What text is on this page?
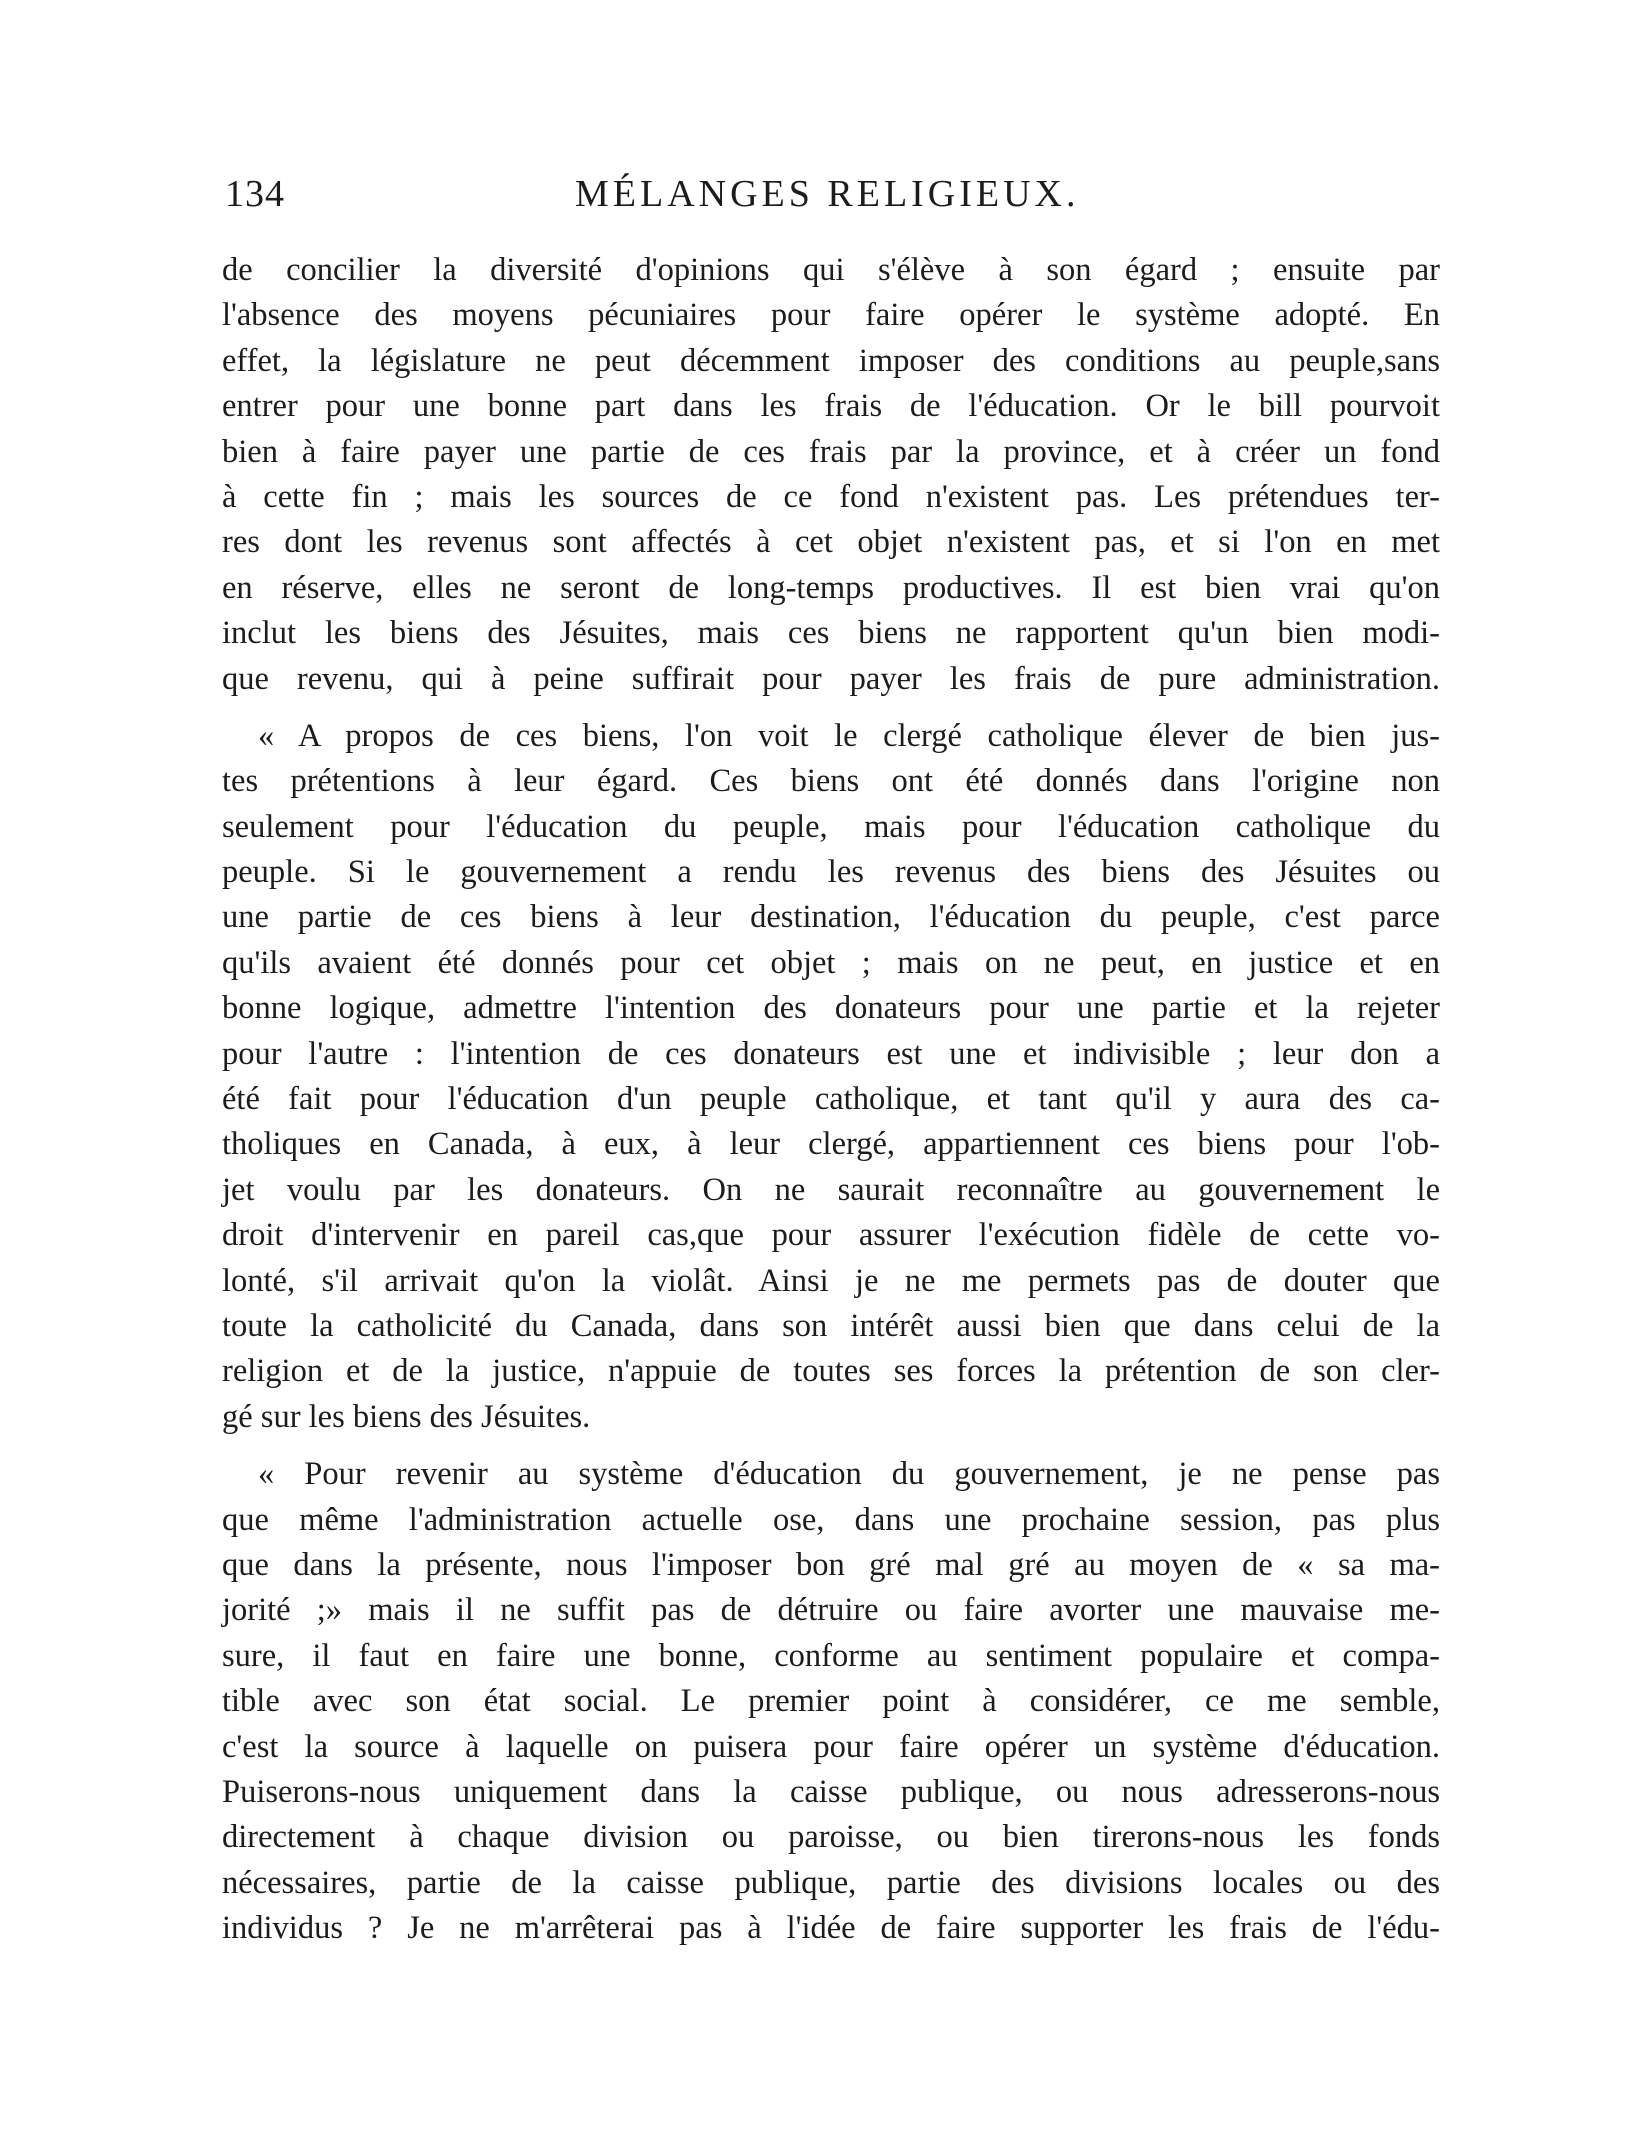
134	MÉLANGES RELIGIEUX.
de concilier la diversité d'opinions qui s'élève à son égard ; ensuite par
l'absence des moyens pécuniaires pour faire opérer le système adopté. En
effet, la législature ne peut décemment imposer des conditions au peuple,sans
entrer pour une bonne part dans les frais de l'éducation. Or le bill pourvoit
bien à faire payer une partie de ces frais par la province, et à créer un fond
à cette fin ; mais les sources de ce fond n'existent pas. Les prétendues ter-
res dont les revenus sont affectés à cet objet n'existent pas, et si l'on en met
en réserve, elles ne seront de long-temps productives. Il est bien vrai qu'on
inclut les biens des Jésuites, mais ces biens ne rapportent qu'un bien modi-
que revenu, qui à peine suffirait pour payer les frais de pure administration.
« A propos de ces biens, l'on voit le clergé catholique élever de bien jus-
tes prétentions à leur égard. Ces biens ont été donnés dans l'origine non
seulement pour l'éducation du peuple, mais pour l'éducation catholique du
peuple. Si le gouvernement a rendu les revenus des biens des Jésuites ou
une partie de ces biens à leur destination, l'éducation du peuple, c'est parce
qu'ils avaient été donnés pour cet objet ; mais on ne peut, en justice et en
bonne logique, admettre l'intention des donateurs pour une partie et la rejeter
pour l'autre : l'intention de ces donateurs est une et indivisible ; leur don a
été fait pour l'éducation d'un peuple catholique, et tant qu'il y aura des ca-
tholiques en Canada, à eux, à leur clergé, appartiennent ces biens pour l'ob-
jet voulu par les donateurs. On ne saurait reconnaître au gouvernement le
droit d'intervenir en pareil cas,que pour assurer l'exécution fidèle de cette vo-
lonté, s'il arrivait qu'on la violât. Ainsi je ne me permets pas de douter que
toute la catholicité du Canada, dans son intérêt aussi bien que dans celui de la
religion et de la justice, n'appuie de toutes ses forces la prétention de son cler-
gé sur les biens des Jésuites.
« Pour revenir au système d'éducation du gouvernement, je ne pense pas
que même l'administration actuelle ose, dans une prochaine session, pas plus
que dans la présente, nous l'imposer bon gré mal gré au moyen de « sa ma-
jorité ;» mais il ne suffit pas de détruire ou faire avorter une mauvaise me-
sure, il faut en faire une bonne, conforme au sentiment populaire et compa-
tible avec son état social. Le premier point à considérer, ce me semble,
c'est la source à laquelle on puisera pour faire opérer un système d'éducation.
Puiserons-nous uniquement dans la caisse publique, ou nous adresserons-nous
directement à chaque division ou paroisse, ou bien tirerons-nous les fonds
nécessaires, partie de la caisse publique, partie des divisions locales ou des
individus ? Je ne m'arrêterai pas à l'idée de faire supporter les frais de l'édu-
